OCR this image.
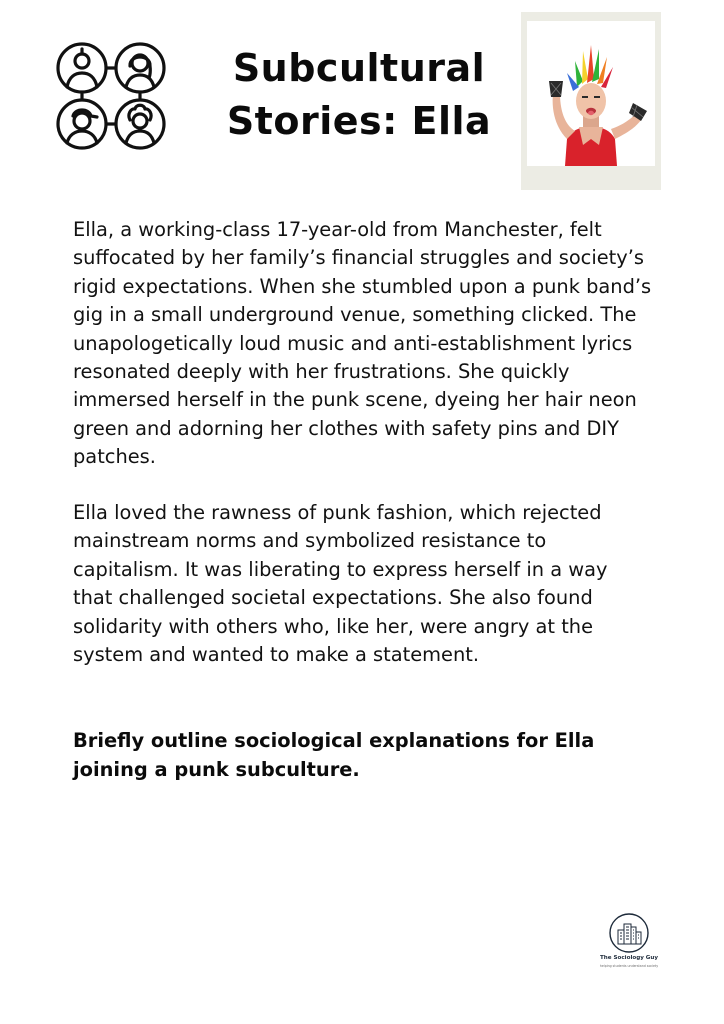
Subcultural
Stories: Ella

Ella, a working-class 17-year-old from Manchester, felt suffocated by her family’s financial struggles and society’s rigid expectations. When she stumbled upon a punk band’s gig in a small underground venue, something clicked. The unapologetically loud music and anti-establishment lyrics resonated deeply with her frustrations. She quickly immersed herself in the punk scene, dyeing her hair neon green and adorning her clothes with safety pins and DIY patches.

Ella loved the rawness of punk fashion, which rejected mainstream norms and symbolized resistance to capitalism. It was liberating to express herself in a way that challenged societal expectations. She also found solidarity with others who, like her, were angry at the system and wanted to make a statement.

Briefly outline sociological explanations for Ella joining a punk subculture.

The Sociology Guy
helping students understand society
